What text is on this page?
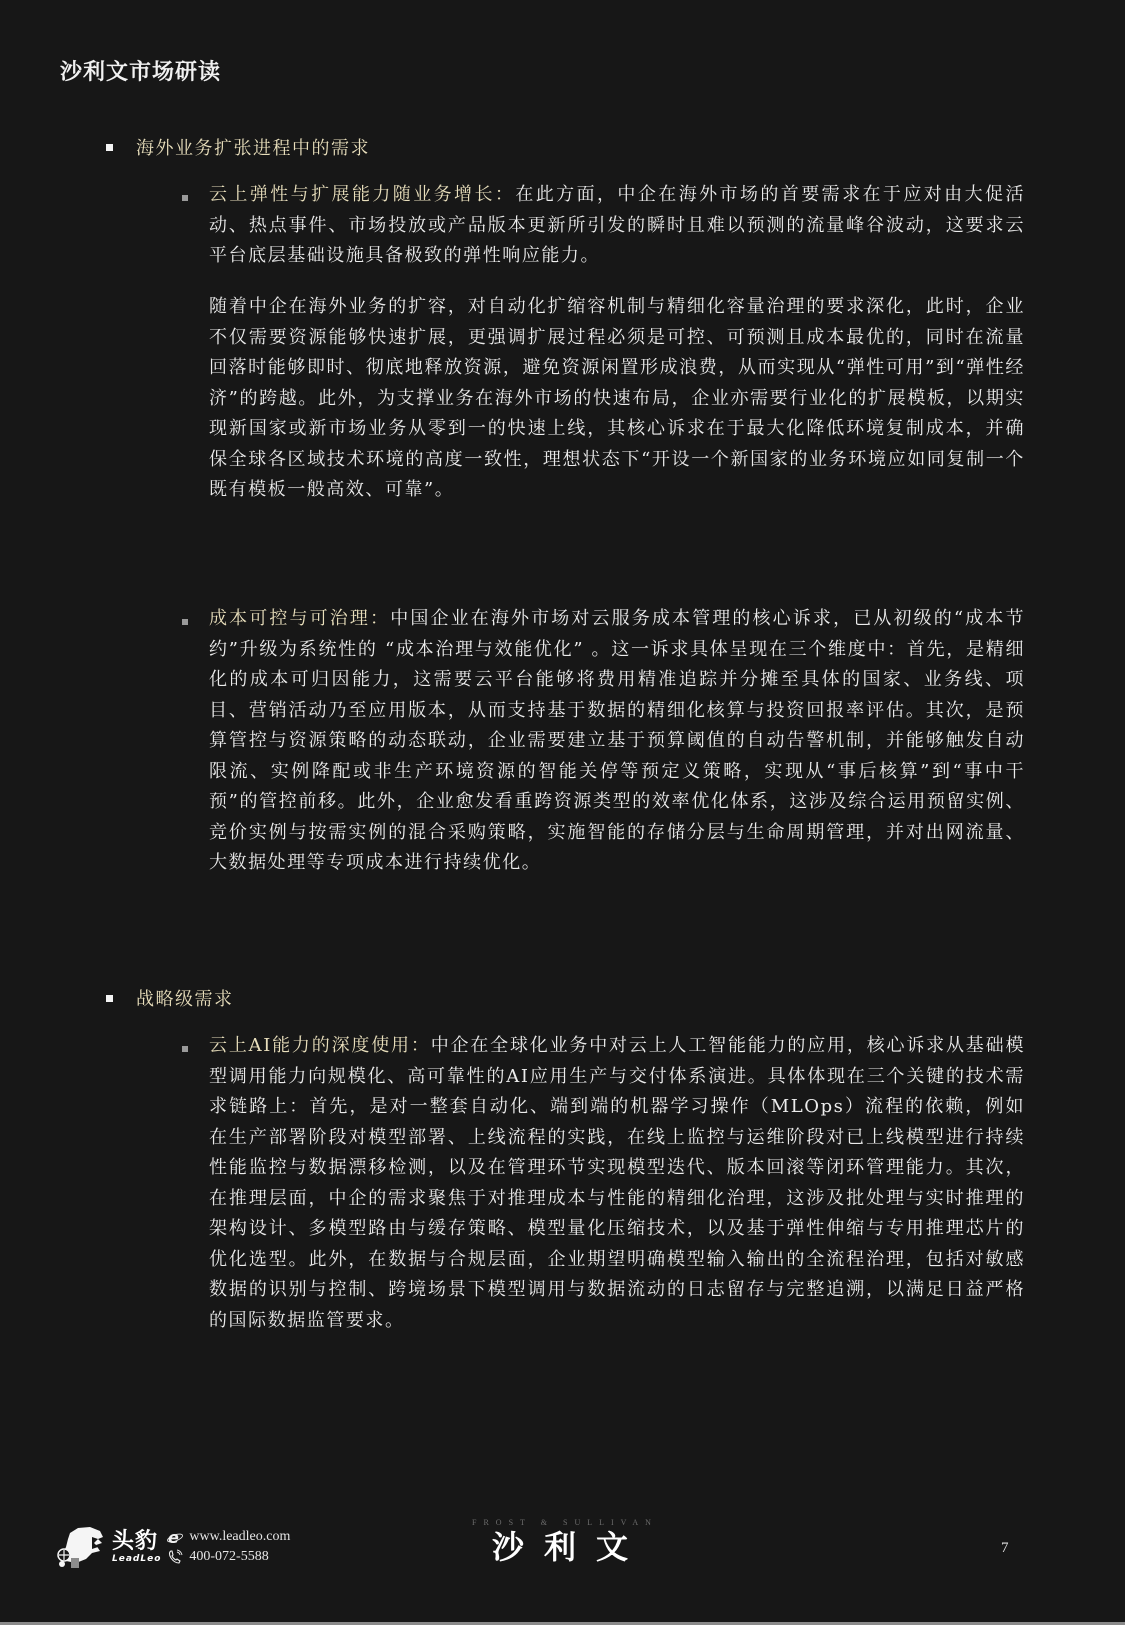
沙利文市场研读
海外业务扩张进程中的需求

云上弹性与扩展能力随业务增长：在此方面，中企在海外市场的首要需求在于应对由大促活动、热点事件、市场投放或产品版本更新所引发的瞬时且难以预测的流量峰谷波动，这要求云平台底层基础设施具备极致的弹性响应能力。

随着中企在海外业务的扩容，对自动化扩缩容机制与精细化容量治理的要求深化，此时，企业不仅需要资源能够快速扩展，更强调扩展过程必须是可控、可预测且成本最优的，同时在流量回落时能够即时、彻底地释放资源，避免资源闲置形成浪费，从而实现从“弹性可用”到“弹性经济”的跨越。此外，为支撑业务在海外市场的快速布局，企业亦需要行业化的扩展模板，以期实现新国家或新市场业务从零到一的快速上线，其核心诉求在于最大化降低环境复制成本，并确保全球各区域技术环境的高度一致性，理想状态下“开设一个新国家的业务环境应如同复制一个既有模板一般高效、可靠”。

成本可控与可治理：中国企业在海外市场对云服务成本管理的核心诉求，已从初级的“成本节约”升级为系统性的 “成本治理与效能优化” 。这一诉求具体呈现在三个维度中：首先，是精细化的成本可归因能力，这需要云平台能够将费用精准追踪并分摊至具体的国家、业务线、项目、营销活动乃至应用版本，从而支持基于数据的精细化核算与投资回报率评估。其次，是预算管控与资源策略的动态联动，企业需要建立基于预算阈值的自动告警机制，并能够触发自动限流、实例降配或非生产环境资源的智能关停等预定义策略，实现从“事后核算”到“事中干预”的管控前移。此外，企业愈发看重跨资源类型的效率优化体系，这涉及综合运用预留实例、竞价实例与按需实例的混合采购策略，实施智能的存储分层与生命周期管理，并对出网流量、大数据处理等专项成本进行持续优化。

战略级需求

云上AI能力的深度使用：中企在全球化业务中对云上人工智能能力的应用，核心诉求从基础模型调用能力向规模化、高可靠性的AI应用生产与交付体系演进。具体体现在三个关键的技术需求链路上：首先，是对一整套自动化、端到端的机器学习操作（MLOps）流程的依赖，例如在生产部署阶段对模型部署、上线流程的实践，在线上监控与运维阶段对已上线模型进行持续性能监控与数据漂移检测，以及在管理环节实现模型迭代、版本回滚等闭环管理能力。其次，在推理层面，中企的需求聚焦于对推理成本与性能的精细化治理，这涉及批处理与实时推理的架构设计、多模型路由与缓存策略、模型量化压缩技术，以及基于弹性伸缩与专用推理芯片的优化选型。此外，在数据与合规层面，企业期望明确模型输入输出的全流程治理，包括对敏感数据的识别与控制、跨境场景下模型调用与数据流动的日志留存与完整追溯，以满足日益严格的国际数据监管要求。

头豹
LeadLeo
e www.leadleo.com
400-072-5588
FROST & SULLIVAN
沙利文	7
